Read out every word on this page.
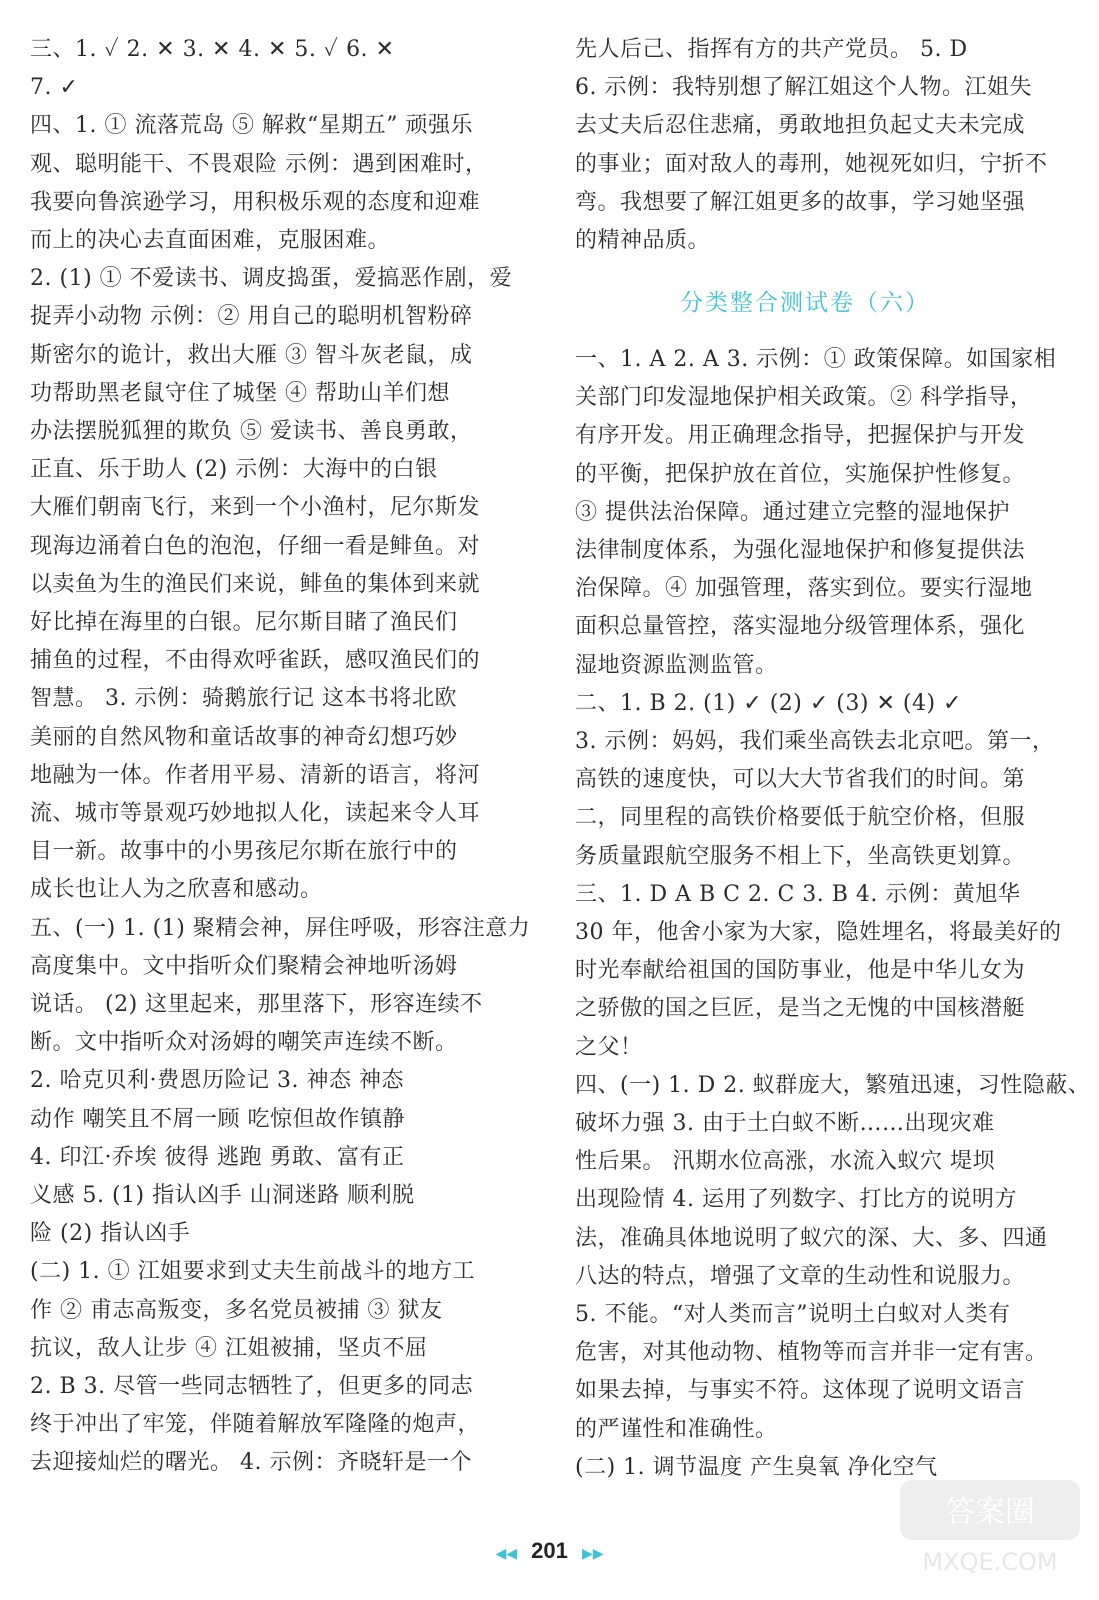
三、1. ✓ 2. ✕ 3. ✕ 4. ✕ 5. ✓ 6. ✕
7. ✓
四、1. ① 流落荒岛 ⑤ 解救“星期五” 顽强乐
观、聪明能干、不畏艰险 示例：遇到困难时，
我要向鲁滨逊学习，用积极乐观的态度和迎难
而上的决心去直面困难，克服困难。
2. (1) ① 不爱读书、调皮捣蛋，爱搞恶作剧，爱
捉弄小动物 示例：② 用自己的聪明机智粉碎
斯密尔的诡计，救出大雁 ③ 智斗灰老鼠，成
功帮助黑老鼠守住了城堡 ④ 帮助山羊们想
办法摆脱狐狸的欺负 ⑤ 爱读书、善良勇敢，
正直、乐于助人 (2) 示例：大海中的白银
大雁们朝南飞行，来到一个小渔村，尼尔斯发
现海边涌着白色的泡泡，仔细一看是鲱鱼。对
以卖鱼为生的渔民们来说，鲱鱼的集体到来就
好比掉在海里的白银。尼尔斯目睹了渔民们
捕鱼的过程，不由得欢呼雀跃，感叹渔民们的
智慧。 3. 示例：骑鹅旅行记 这本书将北欧
美丽的自然风物和童话故事的神奇幻想巧妙
地融为一体。作者用平易、清新的语言，将河
流、城市等景观巧妙地拟人化，读起来令人耳
目一新。故事中的小男孩尼尔斯在旅行中的
成长也让人为之欣喜和感动。
五、(一) 1. (1) 聚精会神，屏住呼吸，形容注意力
高度集中。文中指听众们聚精会神地听汤姆
说话。 (2) 这里起来，那里落下，形容连续不
断。文中指听众对汤姆的嘲笑声连续不断。
2. 哈克贝利·费恩历险记 3. 神态 神态
动作 嘲笑且不屑一顾 吃惊但故作镇静
4. 印江·乔埃 彼得 逃跑 勇敢、富有正
义感 5. (1) 指认凶手 山洞迷路 顺利脱
险 (2) 指认凶手
(二) 1. ① 江姐要求到丈夫生前战斗的地方工
作 ② 甫志高叛变，多名党员被捕 ③ 狱友
抗议，敌人让步 ④ 江姐被捕，坚贞不屈
2. B 3. 尽管一些同志牺牲了，但更多的同志
终于冲出了牢笼，伴随着解放军隆隆的炮声，
去迎接灿烂的曙光。 4. 示例：齐晓轩是一个
先人后己、指挥有方的共产党员。 5. D
6. 示例：我特别想了解江姐这个人物。江姐失
去丈夫后忍住悲痛，勇敢地担负起丈夫未完成
的事业；面对敌人的毒刑，她视死如归，宁折不
弯。我想要了解江姐更多的故事，学习她坚强
的精神品质。
一、1. A 2. A 3. 示例：① 政策保障。如国家相
关部门印发湿地保护相关政策。② 科学指导，
有序开发。用正确理念指导，把握保护与开发
的平衡，把保护放在首位，实施保护性修复。
③ 提供法治保障。通过建立完整的湿地保护
法律制度体系，为强化湿地保护和修复提供法
治保障。④ 加强管理，落实到位。要实行湿地
面积总量管控，落实湿地分级管理体系，强化
湿地资源监测监管。
二、1. B 2. (1) ✓ (2) ✓ (3) ✕ (4) ✓
3. 示例：妈妈，我们乘坐高铁去北京吧。第一，
高铁的速度快，可以大大节省我们的时间。第
二，同里程的高铁价格要低于航空价格，但服
务质量跟航空服务不相上下，坐高铁更划算。
三、1. D A B C 2. C 3. B 4. 示例：黄旭华
30 年，他舍小家为大家，隐姓埋名，将最美好的
时光奉献给祖国的国防事业，他是中华儿女为
之骄傲的国之巨匠，是当之无愧的中国核潜艇
之父！
四、(一) 1. D 2. 蚁群庞大，繁殖迅速，习性隐蔽、
破坏力强 3. 由于土白蚁不断……出现灾难
性后果。 汛期水位高涨，水流入蚁穴 堤坝
出现险情 4. 运用了列数字、打比方的说明方
法，准确具体地说明了蚁穴的深、大、多、四通
八达的特点，增强了文章的生动性和说服力。
5. 不能。“对人类而言”说明土白蚁对人类有
危害，对其他动物、植物等而言并非一定有害。
如果去掉，与事实不符。这体现了说明文语言
的严谨性和准确性。
(二) 1. 调节温度 产生臭氧 净化空气
分类整合测试卷（六）
◀◀ 201 ▶▶
答案圈
MXQE.COM
